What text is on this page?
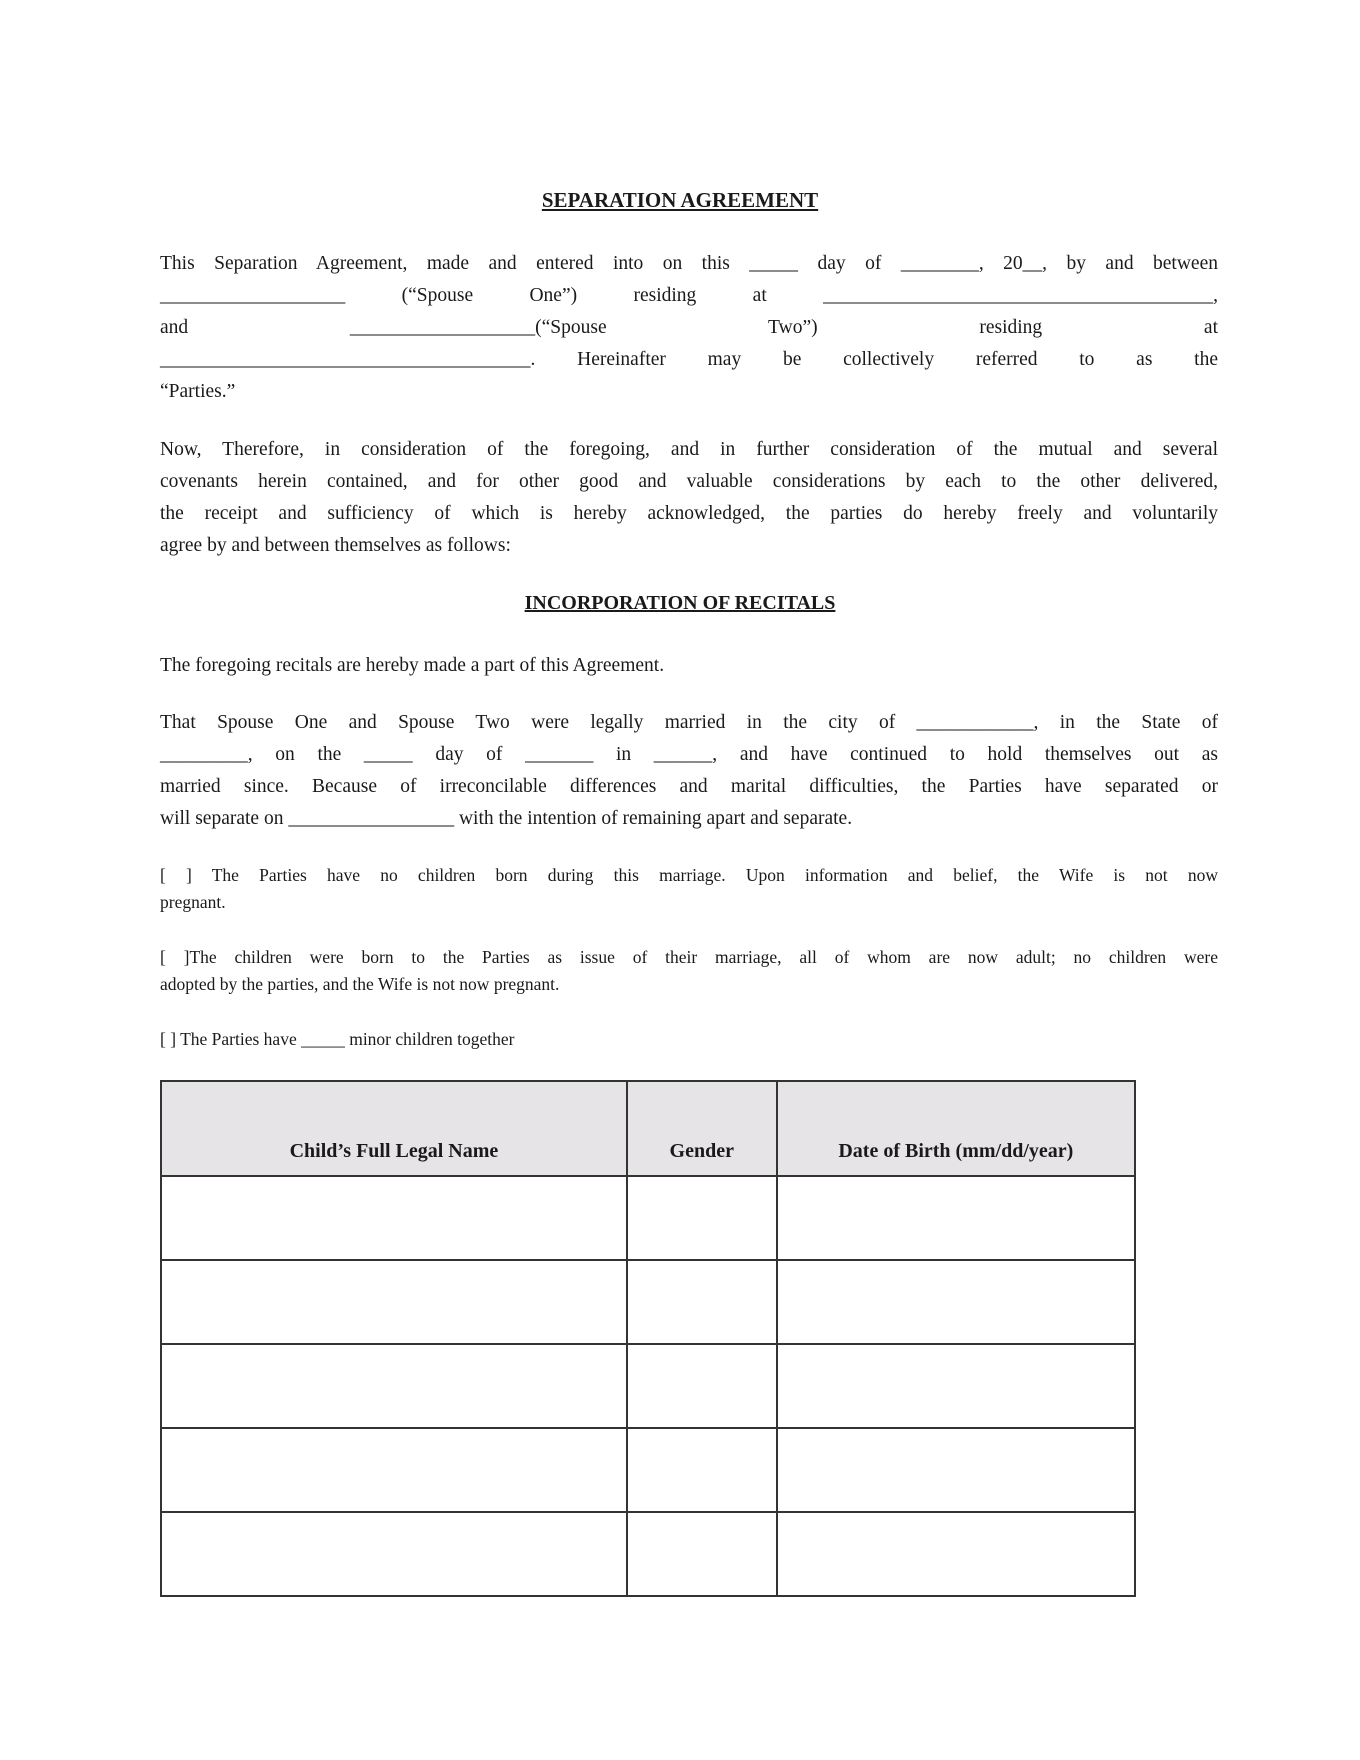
SEPARATION AGREEMENT
This Separation Agreement, made and entered into on this _____ day of ________, 20__, by and between
___________________ (“Spouse One”) residing at ________________________________________,
and ___________________(“Spouse Two”) residing at
______________________________________. Hereinafter may be collectively referred to as the
“Parties.”
Now, Therefore, in consideration of the foregoing, and in further consideration of the mutual and several
covenants herein contained, and for other good and valuable considerations by each to the other delivered,
the receipt and sufficiency of which is hereby acknowledged, the parties do hereby freely and voluntarily
agree by and between themselves as follows:
INCORPORATION OF RECITALS
The foregoing recitals are hereby made a part of this Agreement.
That Spouse One and Spouse Two were legally married in the city of ____________, in the State of
_________, on the _____ day of _______ in ______, and have continued to hold themselves out as
married since. Because of irreconcilable differences and marital difficulties, the Parties have separated or
will separate on _________________ with the intention of remaining apart and separate.
[ ] The Parties have no children born during this marriage. Upon information and belief, the Wife is not now
pregnant.
[ ]The children were born to the Parties as issue of their marriage, all of whom are now adult; no children were
adopted by the parties, and the Wife is not now pregnant.
[ ] The Parties have _____ minor children together
Child’s Full Legal Name	Gender	Date of Birth (mm/dd/year)
